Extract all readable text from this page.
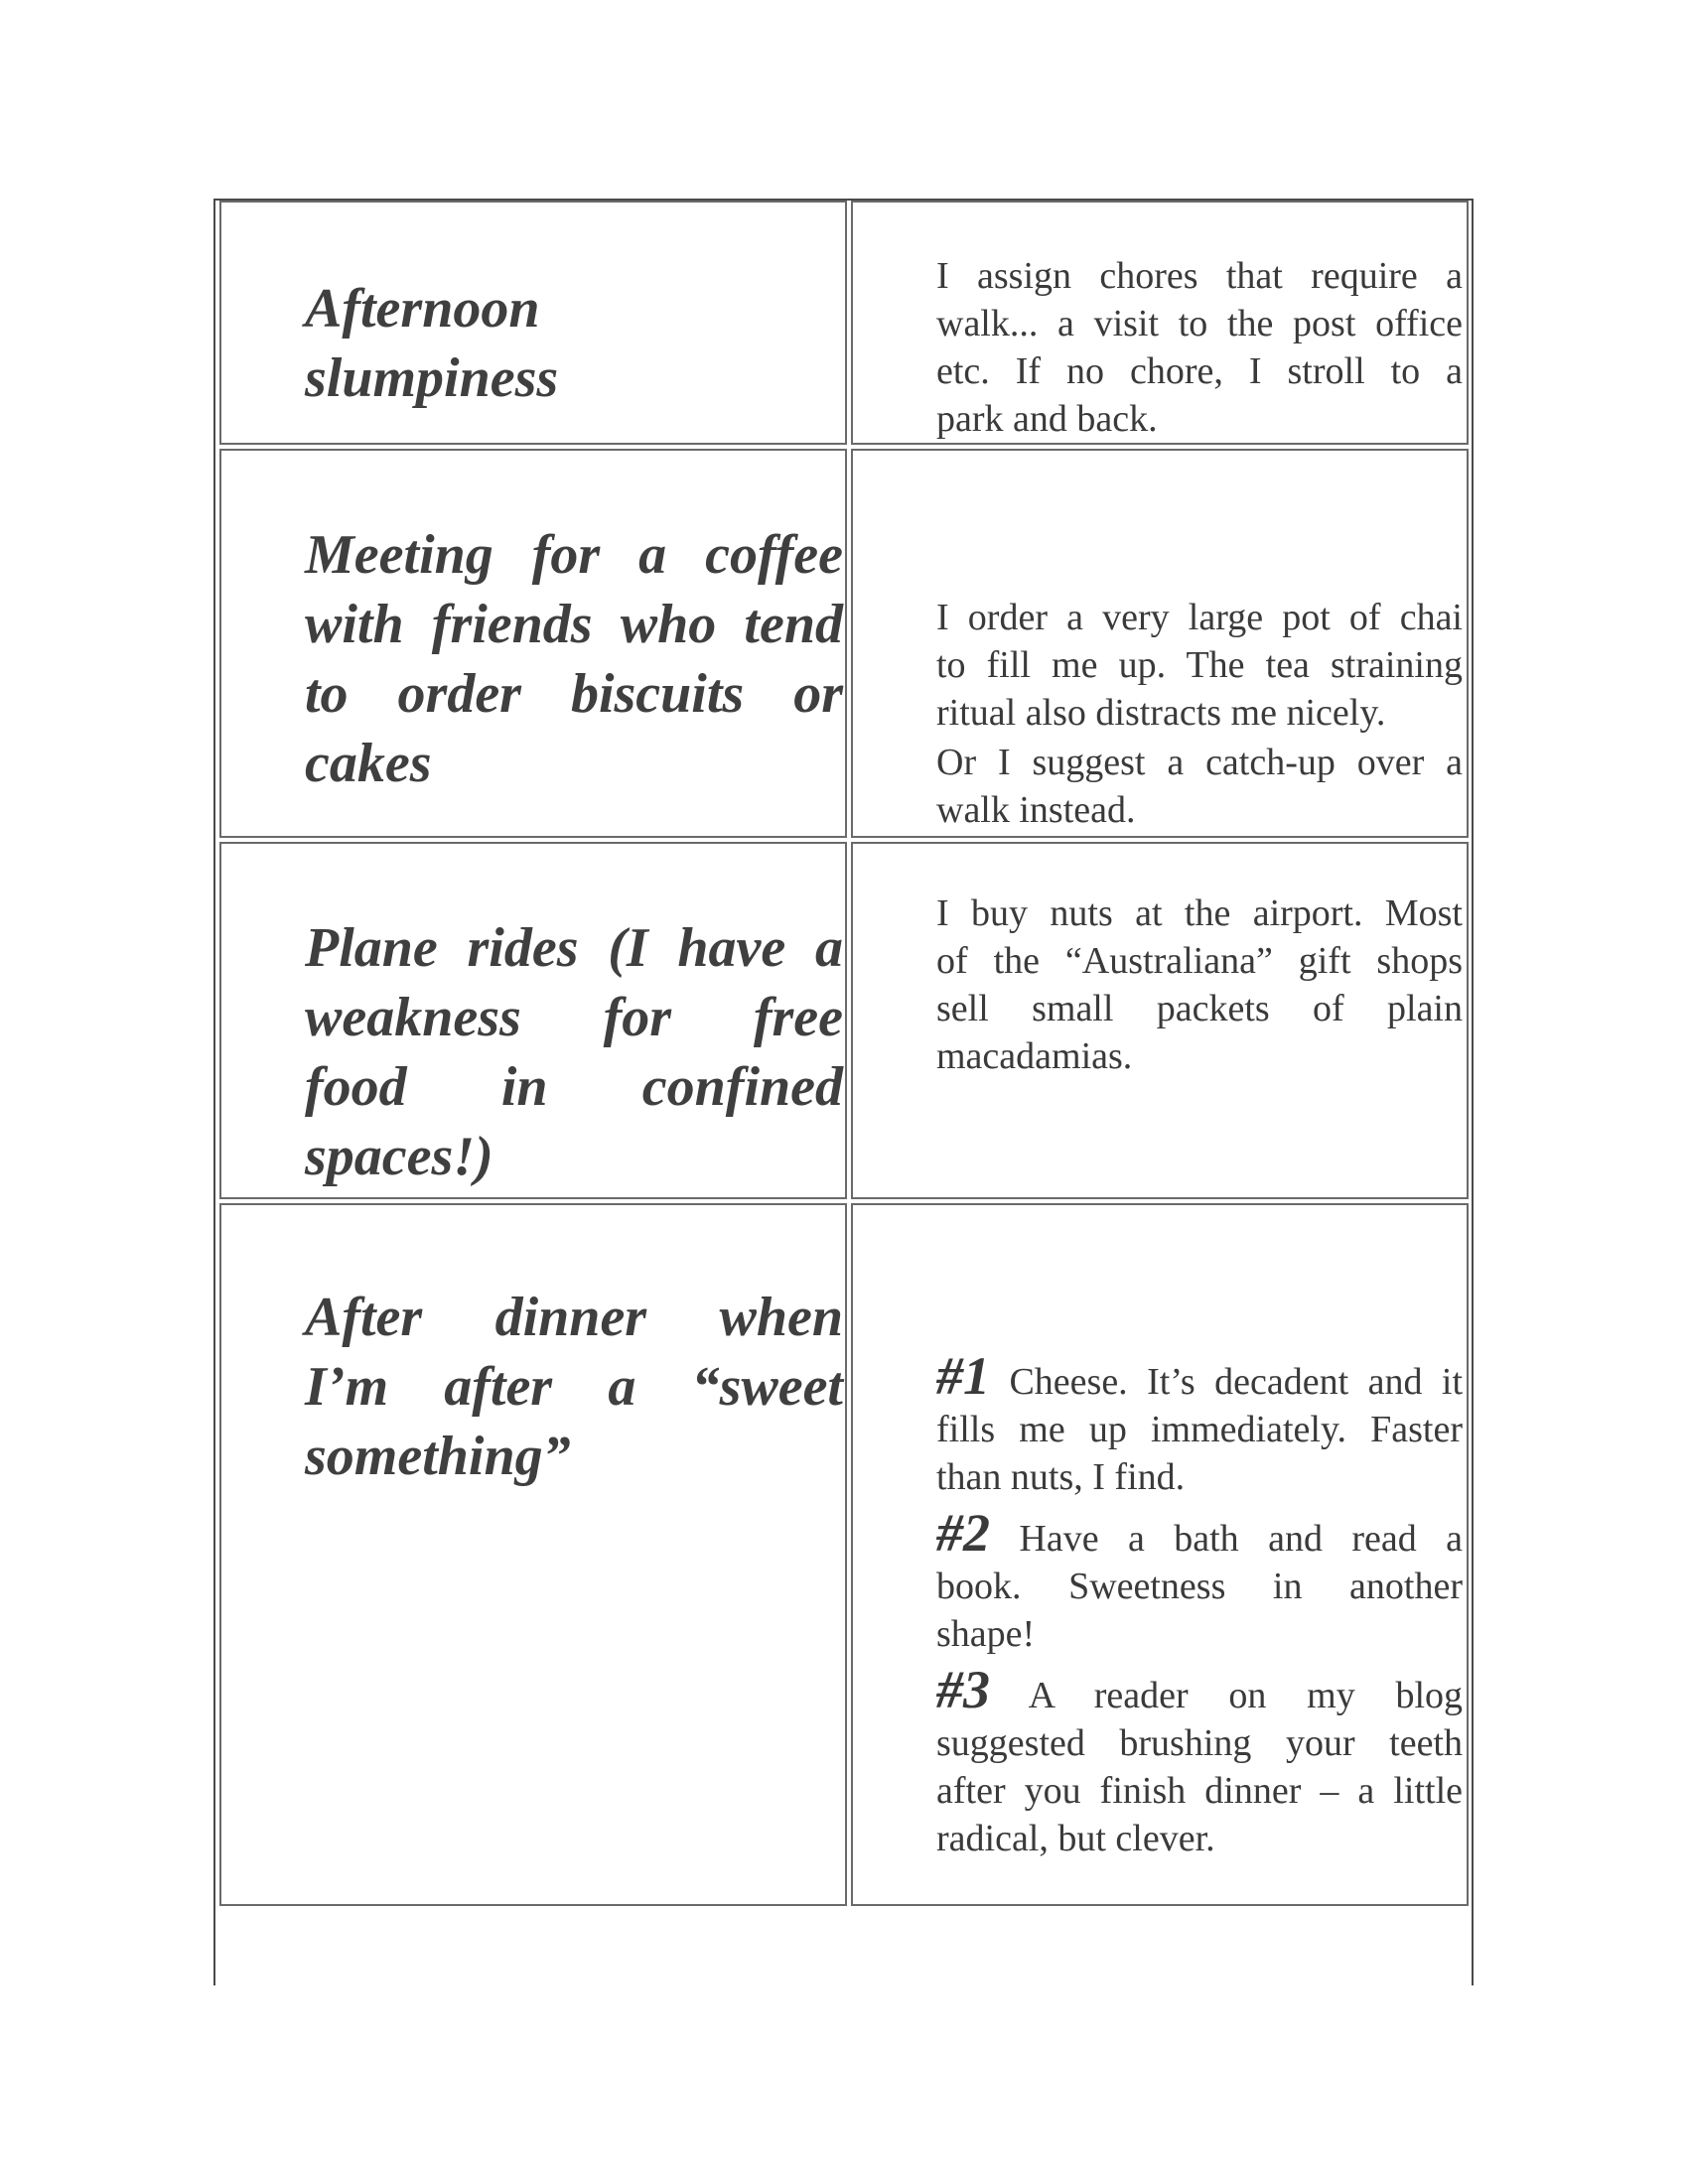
Afternoon
slumpiness
I assign chores that require a
walk... a visit to the post office
etc. If no chore, I stroll to a
park and back.
Meeting for a coffee
with friends who tend
to order biscuits or
cakes
I order a very large pot of chai
to fill me up. The tea straining
ritual also distracts me nicely.
Or I suggest a catch-up over a
walk instead.
Plane rides (I have a
weakness for free
food in confined
spaces!)
I buy nuts at the airport. Most
of the “Australiana” gift shops
sell small packets of plain
macadamias.
After dinner when
I’m after a “sweet
something”
#1 Cheese. It’s decadent and it
fills me up immediately. Faster
than nuts, I find.
#2 Have a bath and read a
book. Sweetness in another
shape!
#3 A reader on my blog
suggested brushing your teeth
after you finish dinner – a little
radical, but clever.
